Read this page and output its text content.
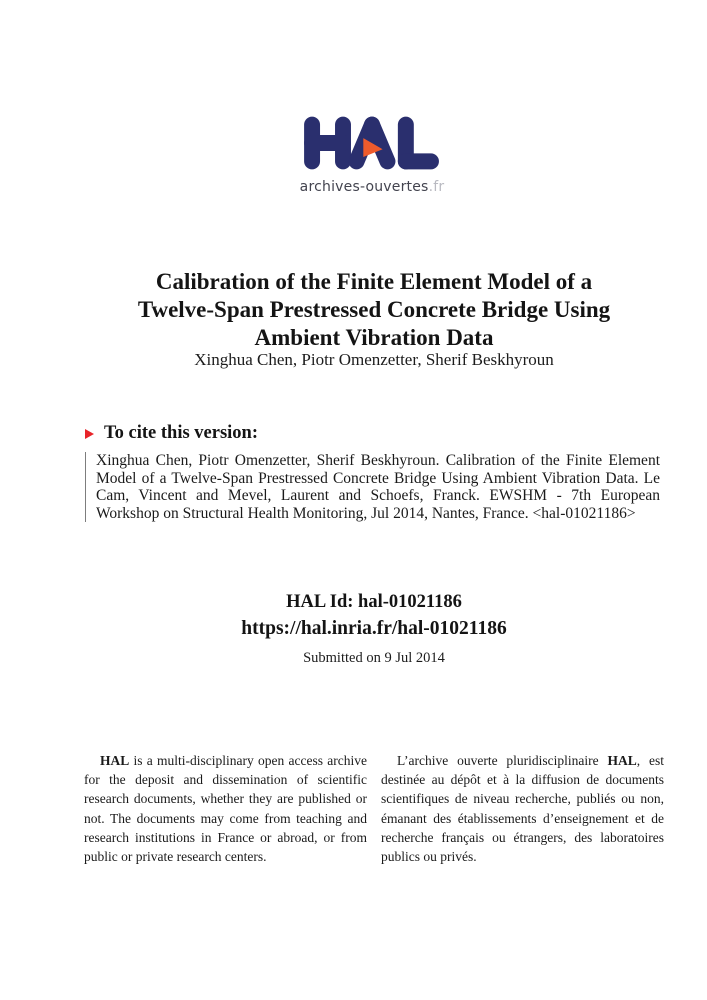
archives-ouvertes.fr
Calibration of the Finite Element Model of a
Twelve-Span Prestressed Concrete Bridge Using
Ambient Vibration Data
Xinghua Chen, Piotr Omenzetter, Sherif Beskhyroun
To cite this version:
Xinghua Chen, Piotr Omenzetter, Sherif Beskhyroun. Calibration of the Finite Element Model of a Twelve-Span Prestressed Concrete Bridge Using Ambient Vibration Data. Le Cam, Vincent and Mevel, Laurent and Schoefs, Franck. EWSHM - 7th European Workshop on Structural Health Monitoring, Jul 2014, Nantes, France. <hal-01021186>
HAL Id: hal-01021186
https://hal.inria.fr/hal-01021186
Submitted on 9 Jul 2014
HAL is a multi-disciplinary open access archive for the deposit and dissemination of scientific research documents, whether they are published or not. The documents may come from teaching and research institutions in France or abroad, or from public or private research centers.
L’archive ouverte pluridisciplinaire HAL, est destinée au dépôt et à la diffusion de documents scientifiques de niveau recherche, publiés ou non, émanant des établissements d’enseignement et de recherche français ou étrangers, des laboratoires publics ou privés.
